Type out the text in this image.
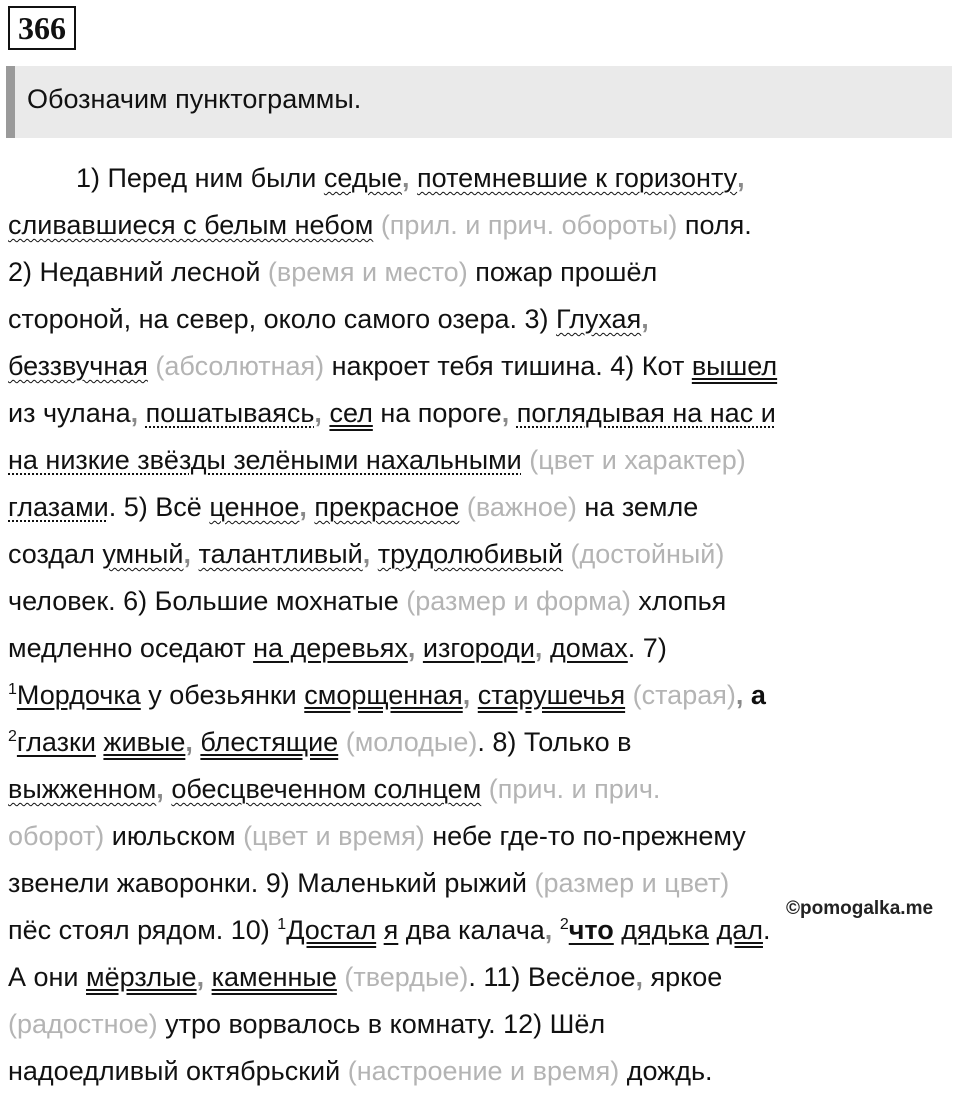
366
Обозначим пунктограммы.
1) Перед ним были седые, потемневшие к горизонту,
сливавшиеся с белым небом (прил. и прич. обороты) поля.
2) Недавний лесной (время и место) пожар прошёл
стороной, на север, около самого озера. 3) Глухая,
беззвучная (абсолютная) накроет тебя тишина. 4) Кот вышел
из чулана, пошатываясь, сел на пороге, поглядывая на нас и
на низкие звёзды зелёными нахальными (цвет и характер)
глазами. 5) Всё ценное, прекрасное (важное) на земле
создал умный, талантливый, трудолюбивый (достойный)
человек. 6) Большие мохнатые (размер и форма) хлопья
медленно оседают на деревьях, изгороди, домах. 7)
$^1$Мордочка у обезьянки сморщенная, старушечья (старая), а
$^2$глазки живые, блестящие (молодые). 8) Только в
выжженном, обесцвеченном солнцем (прич. и прич.
оборот) июльском (цвет и время) небе где-то по-прежнему
звенели жаворонки. 9) Маленький рыжий (размер и цвет)
пёс стоял рядом. 10) $^1$Достал я два калача, $^2$что дядька дал.
А они мёрзлые, каменные (твердые). 11) Весёлое, яркое
(радостное) утро ворвалось в комнату. 12) Шёл
надоедливый октябрьский (настроение и время) дождь.
©pomogalka.me
